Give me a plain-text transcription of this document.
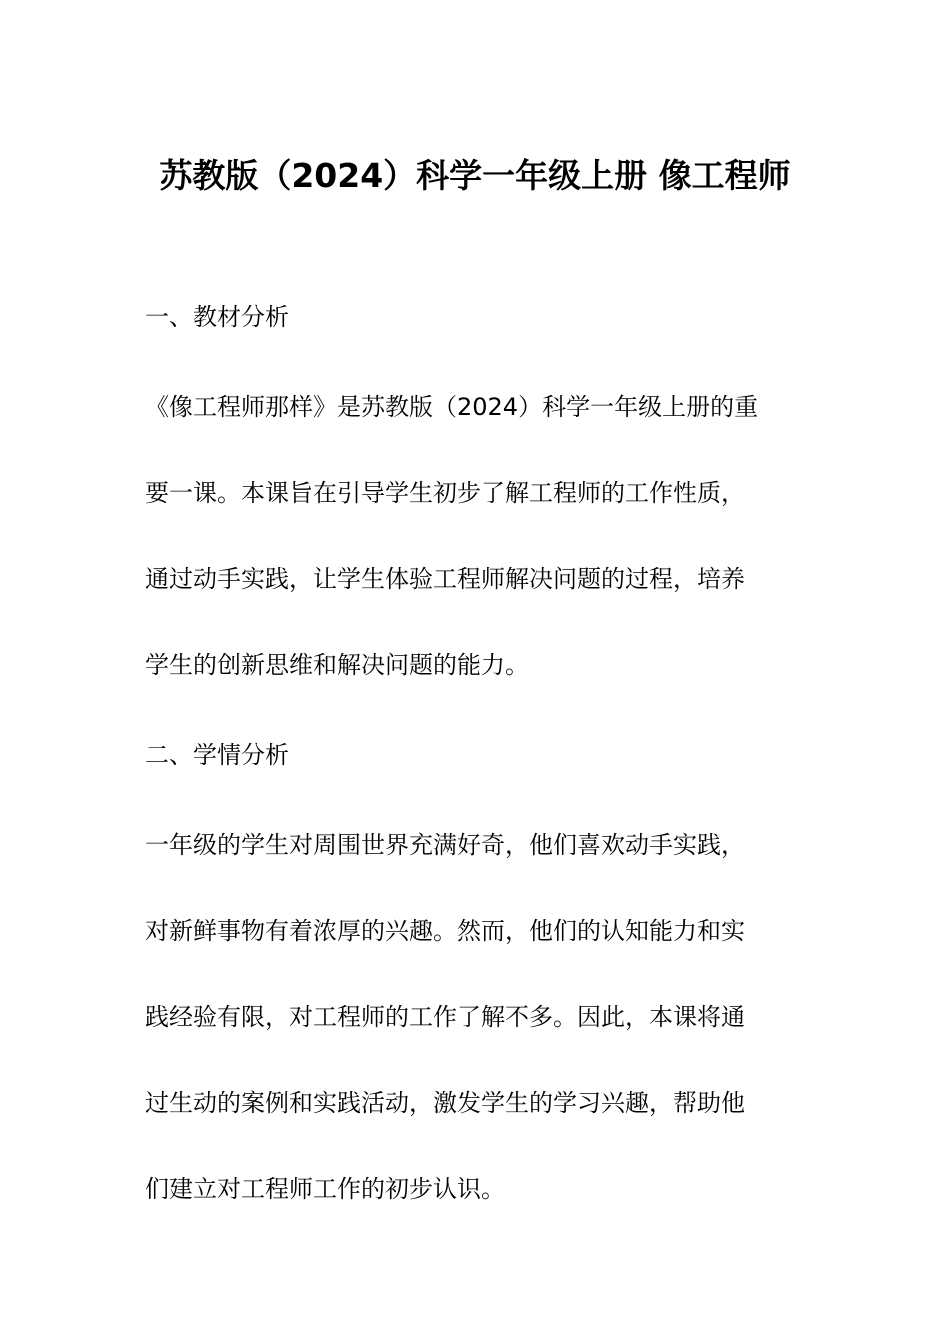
苏教版（2024）科学一年级上册 像工程师
一、教材分析
《像工程师那样》是苏教版（2024）科学一年级上册的重
要一课。本课旨在引导学生初步了解工程师的工作性质，
通过动手实践，让学生体验工程师解决问题的过程，培养
学生的创新思维和解决问题的能力。
二、学情分析
一年级的学生对周围世界充满好奇，他们喜欢动手实践，
对新鲜事物有着浓厚的兴趣。然而，他们的认知能力和实
践经验有限，对工程师的工作了解不多。因此，本课将通
过生动的案例和实践活动，激发学生的学习兴趣，帮助他
们建立对工程师工作的初步认识。
